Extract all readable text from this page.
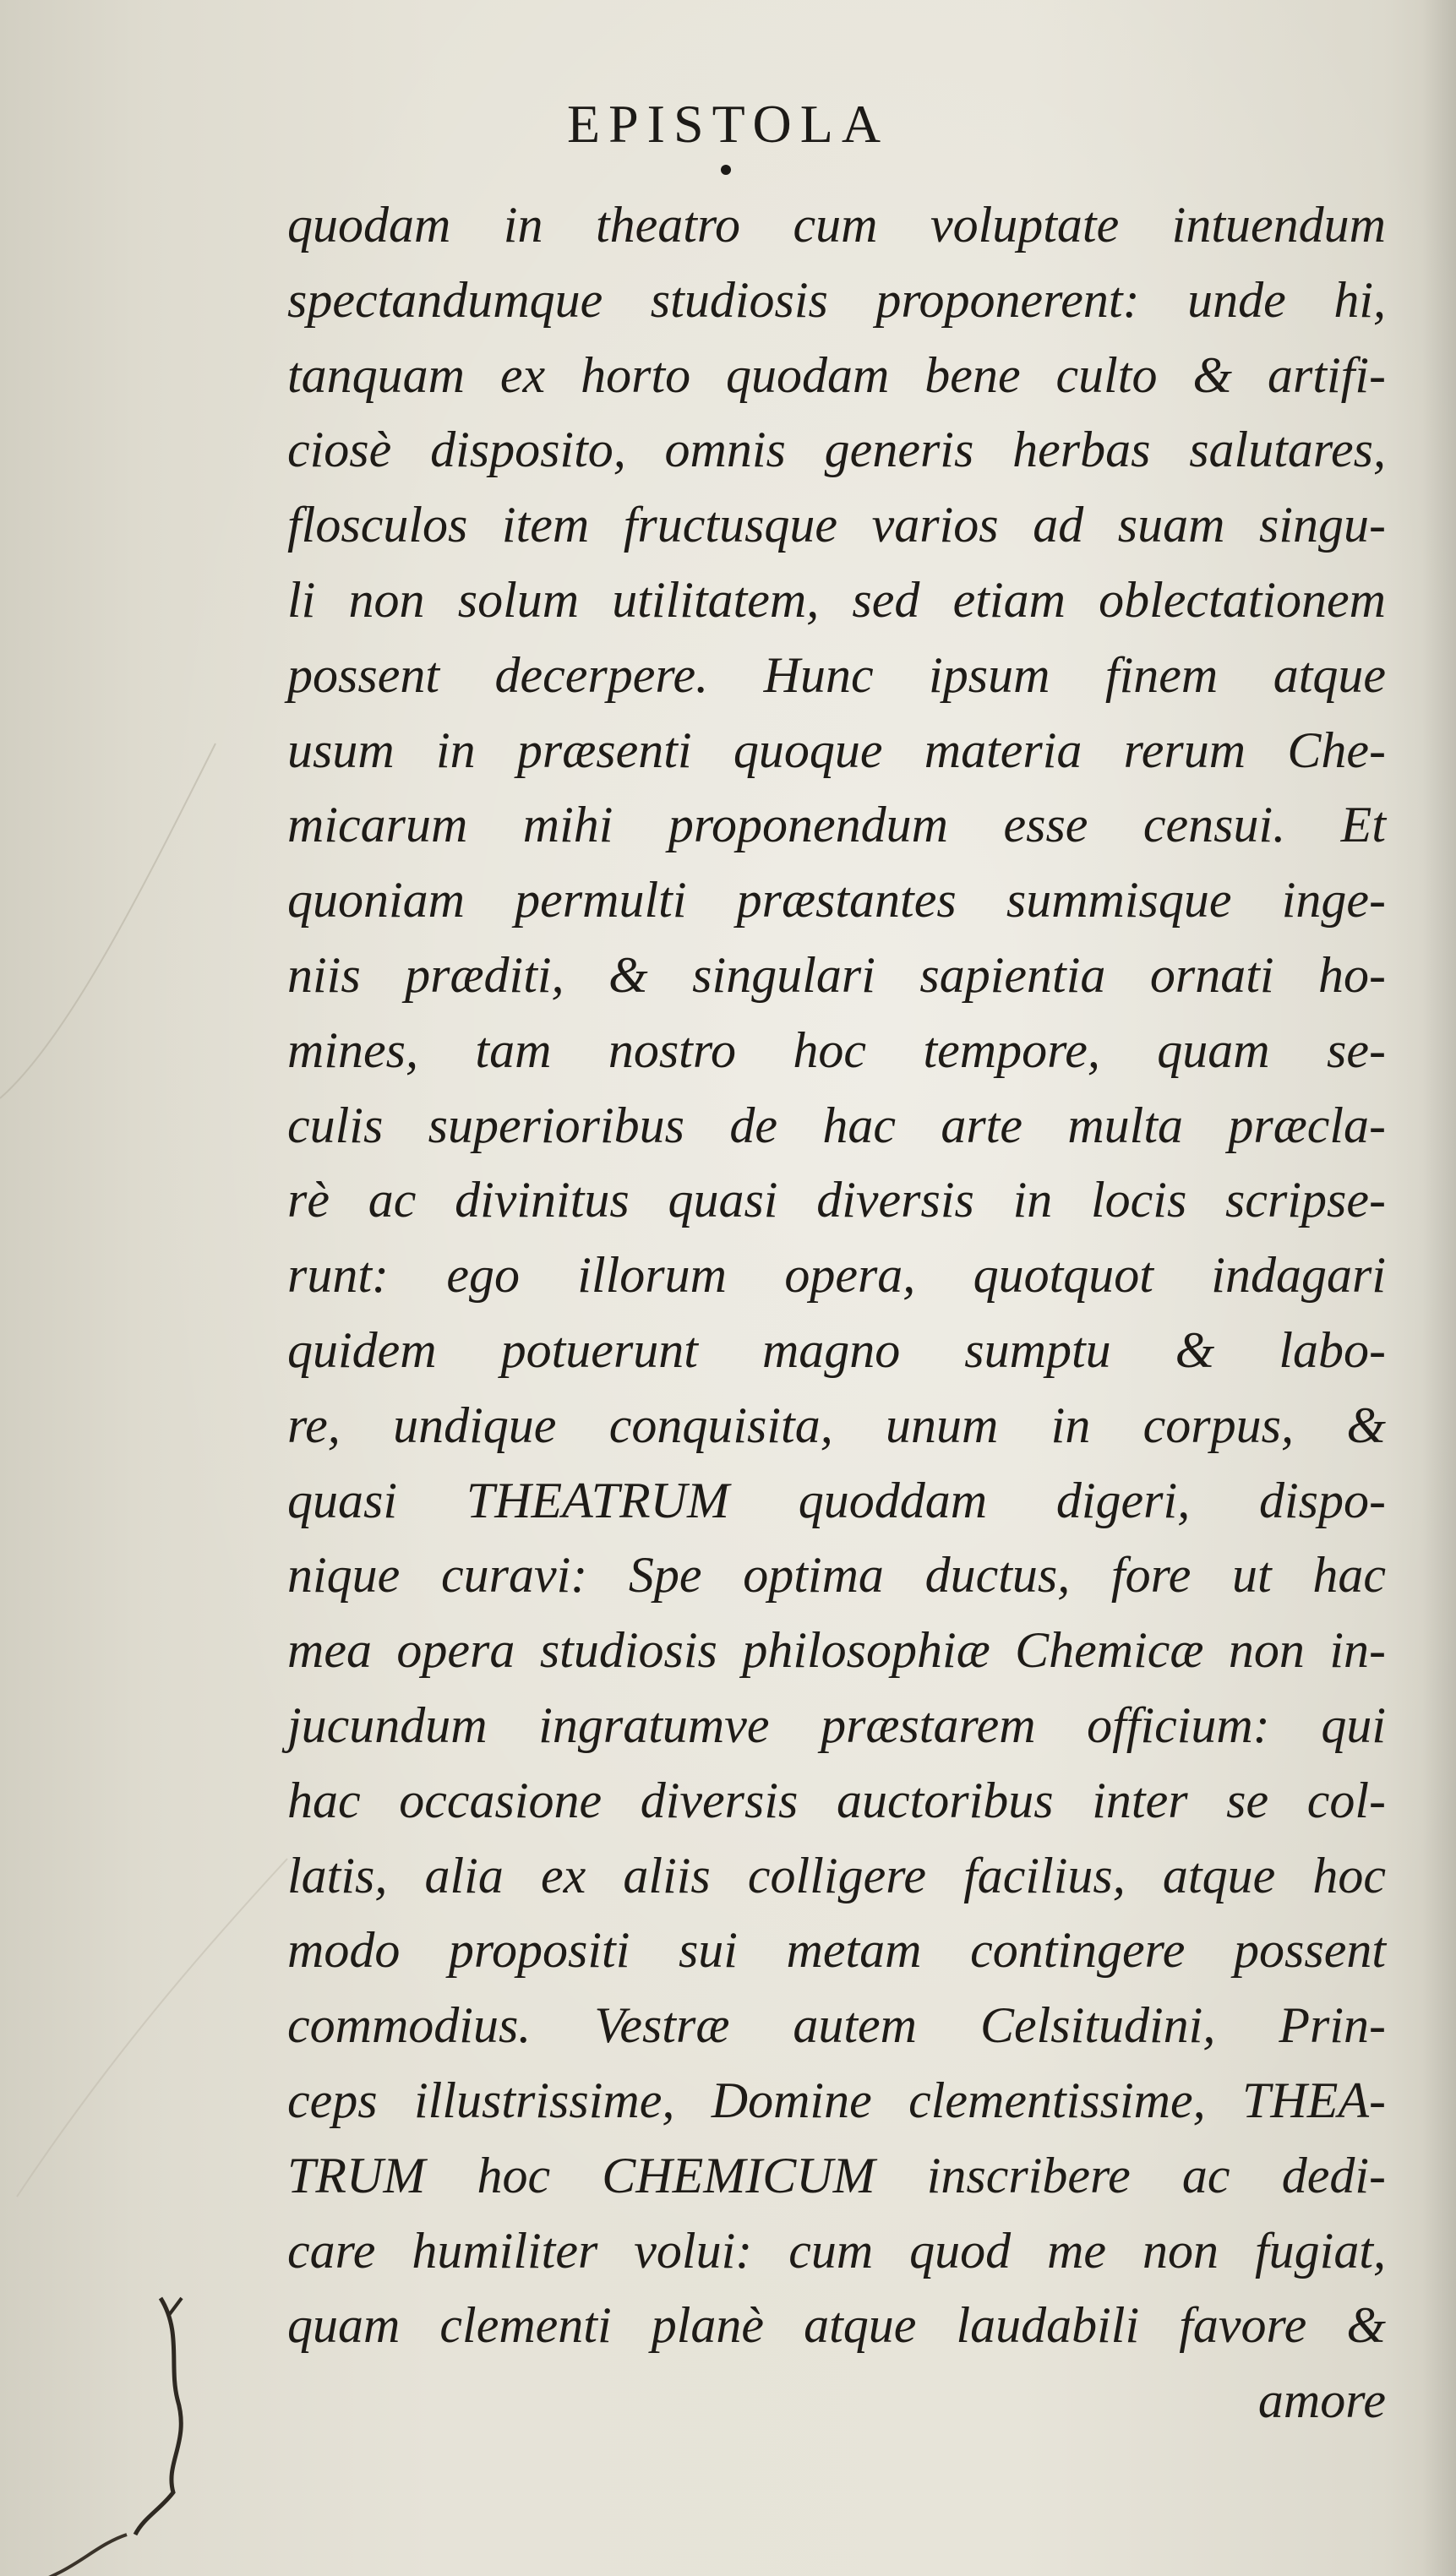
EPISTOLA
quodam in theatro cum voluptate intuendum
spectandumque studiosis proponerent: unde hi,
tanquam ex horto quodam bene culto & artifi-
ciosè disposito, omnis generis herbas salutares,
flosculos item fructusque varios ad suam singu-
li non solum utilitatem, sed etiam oblectationem
possent decerpere. Hunc ipsum finem atque
usum in præsenti quoque materia rerum Che-
micarum mihi proponendum esse censui. Et
quoniam permulti præstantes summisque inge-
niis præditi, & singulari sapientia ornati ho-
mines, tam nostro hoc tempore, quam se-
culis superioribus de hac arte multa præcla-
rè ac divinitus quasi diversis in locis scripse-
runt: ego illorum opera, quotquot indagari
quidem potuerunt magno sumptu & labo-
re, undique conquisita, unum in corpus, &
quasi THEATRUM quoddam digeri, dispo-
nique curavi: Spe optima ductus, fore ut hac
mea opera studiosis philosophiæ Chemicæ non in-
jucundum ingratumve præstarem officium: qui
hac occasione diversis auctoribus inter se col-
latis, alia ex aliis colligere facilius, atque hoc
modo propositi sui metam contingere possent
commodius. Vestræ autem Celsitudini, Prin-
ceps illustrissime, Domine clementissime, THEA-
TRUM hoc CHEMICUM inscribere ac dedi-
care humiliter volui: cum quod me non fugiat,
quam clementi planè atque laudabili favore &
amore
